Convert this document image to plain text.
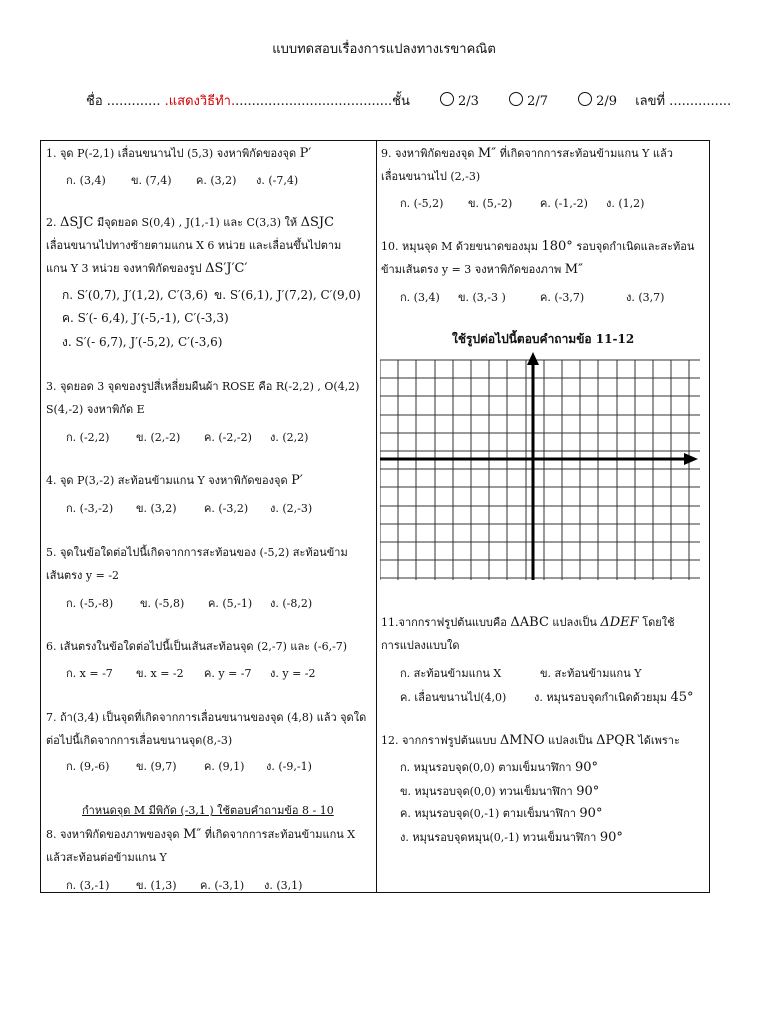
แบบทดสอบเรื่องการแปลงทางเรขาคณิต
ชื่อ ............. .แสดงวิธีทำ.......................................ชั้น	2/3	2/7	2/9 เลขที่ ...............
1. จุด P(-2,1) เลื่อนขนานไป (5,3) จงหาพิกัดของจุด P′
ก. (3,4) ข. (7,4) ค. (3,2) ง. (-7,4)
2. ΔSJC มีจุดยอด S(0,4) , J(1,-1) และ C(3,3) ให้ ΔSJC
เลื่อนขนานไปทางซ้ายตามแกน X 6 หน่วย และเลื่อนขึ้นไปตาม
แกน Y 3 หน่วย จงหาพิกัดของรูป ΔS′J′C′
ก. S′(0,7), J′(1,2), C′(3,6) ข. S′(6,1), J′(7,2), C′(9,0)
ค. S′(- 6,4), J′(-5,-1), C′(-3,3)
ง. S′(- 6,7), J′(-5,2), C′(-3,6)
3. จุดยอด 3 จุดของรูปสี่เหลี่ยมผืนผ้า ROSE คือ R(-2,2) , O(4,2)
S(4,-2) จงหาพิกัด E
ก. (-2,2) ข. (2,-2) ค. (-2,-2) ง. (2,2)
4. จุด P(3,-2) สะท้อนข้ามแกน Y จงหาพิกัดของจุด P′
ก. (-3,-2) ข. (3,2) ค. (-3,2) ง. (2,-3)
5. จุดในข้อใดต่อไปนี้เกิดจากการสะท้อนของ (-5,2) สะท้อนข้าม
เส้นตรง y = -2
ก. (-5,-8) ข. (-5,8) ค. (5,-1) ง. (-8,2)
6. เส้นตรงในข้อใดต่อไปนี้เป็นเส้นสะท้อนจุด (2,-7) และ (-6,-7)
ก. x = -7 ข. x = -2 ค. y = -7 ง. y = -2
7. ถ้า(3,4) เป็นจุดที่เกิดจากการเลื่อนขนานของจุด (4,8) แล้ว จุดใด
ต่อไปนี้เกิดจากการเลื่อนขนานจุด(8,-3)
ก. (9,-6) ข. (9,7) ค. (9,1) ง. (-9,-1)
กำหนดจุด M มีพิกัด (-3,1 ) ใช้ตอบคำถามข้อ 8 - 10
8. จงหาพิกัดของภาพของจุด M″ ที่เกิดจากการสะท้อนข้ามแกน X
แล้วสะท้อนต่อข้ามแกน Y
ก. (3,-1) ข. (1,3) ค. (-3,1) ง. (3,1)
9. จงหาพิกัดของจุด M″ ที่เกิดจากการสะท้อนข้ามแกน Y แล้ว
เลื่อนขนานไป (2,-3)
ก. (-5,2) ข. (5,-2)	ค. (-1,-2) ง. (1,2)
10. หมุนจุด M ด้วยขนาดของมุม 180° รอบจุดกำเนิดและสะท้อน
ข้ามเส้นตรง y = 3 จงหาพิกัดของภาพ M″
ก. (3,4) ข. (3,-3 )	ค. (-3,7)	ง. (3,7)
ใช้รูปต่อไปนี้ตอบคำถามข้อ 11-12
11.จากกราฟรูปต้นแบบคือ ΔABC แปลงเป็น ΔDEF โดยใช้
การแปลงแบบใด
ก. สะท้อนข้ามแกน X	ข. สะท้อนข้ามแกน Y
ค. เลื่อนขนานไป(4,0)	ง. หมุนรอบจุดกำเนิดด้วยมุม 45°
12. จากกราฟรูปต้นแบบ ΔMNO แปลงเป็น ΔPQR ได้เพราะ
ก. หมุนรอบจุด(0,0) ตามเข็มนาฬิกา 90°
ข. หมุนรอบจุด(0,0) ทวนเข็มนาฬิกา 90°
ค. หมุนรอบจุด(0,-1) ตามเข็มนาฬิกา 90°
ง. หมุนรอบจุดหมุน(0,-1) ทวนเข็มนาฬิกา 90°
